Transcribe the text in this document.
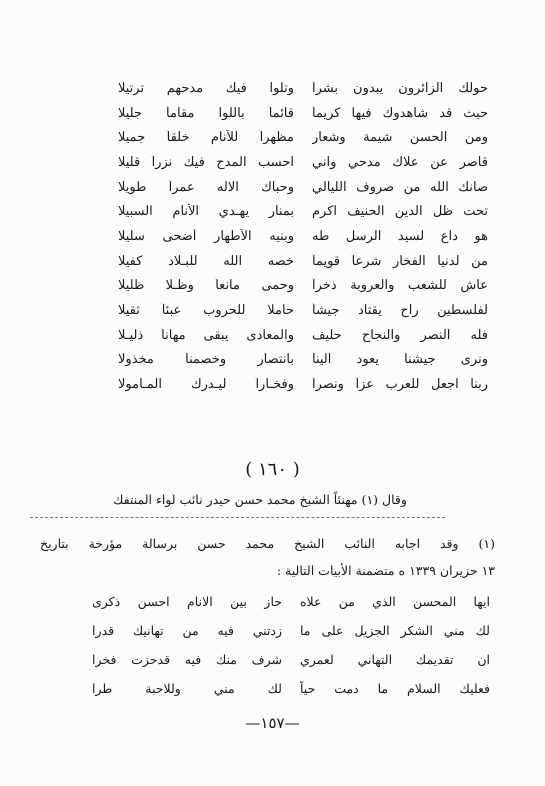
حولك الزائرون يبدون بشراً
وتلوا فيك مدحهم ترتيلا
حيث قد شاهدوك فيها كريماً
قائماً باللوا مقاماً جليلا
ومن الحسن شيمة وشعار
مظهراً للأنام خلقاً جميلا
قاصر عن علاك مدحي واني
احسب المدح فيك نزراً قليلا
صانك الله من صروف الليالي
وحباك الاله عمراً طويلا
تحت ظل الدين الحنيف اكرم
بمنار يهـدي الأنام السبيلا
هو داع لسيد الرسل طه
وبنيه الأطهار أضحى سليلا
من لدنيا الفخار شرعاً قويماً
خصه الله للبـلاد كفيلا
عاش للشعب والعروبة ذخراً
وحمى مانعاً وظـلا ظليلا
لفلسطين راح يقتاد جيشاً
حاملا للحروب عبئاً ثقيلا
فله النصر والنجاح حليف
والمعادى يبقى مهاناً ذليـلا
ونرى جيشنا يعود الينا
بانتصار وخصمنا مخذولا
ربنا اجعل للعرب عزاً ونصراً
وفخـاراً ليـدرك المـأمولا
( ١٦٠ )
وقال (١) مهنئاً الشيخ محمد حسن حيدر نائب لواء المنتفك
(١) وقد اجابه النائب الشيخ محمد حسن برسالة مؤرخة بتاريخ
١٣ حزيران ١٣٣٩ ه متضمنة الأبيات التالية :
ايها المحسن الذي من علاه
حاز بين الانام احسن ذكرى
لك مني الشكر الجزيل على ما
زدتني فيه من تهانيك قدرا
ان تقديمك التهاني لعمري
شرف منك فيه قدحزت فخرا
فعليك السلام ما دمت حياً
لك مني وللاحبة طرا
—١٥٧—
